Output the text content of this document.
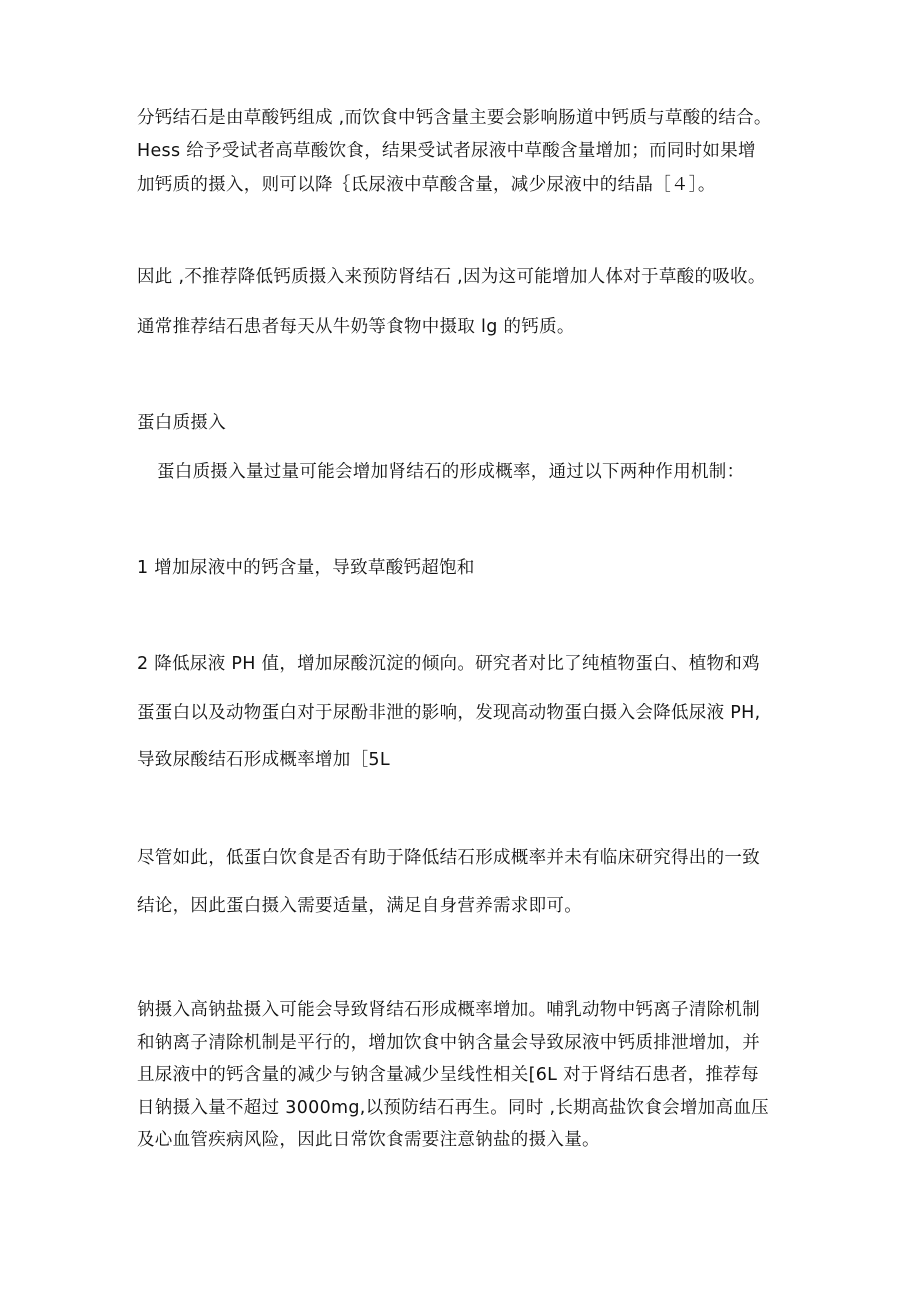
分钙结石是由草酸钙组成 ,而饮食中钙含量主要会影响肠道中钙质与草酸的结合。
Hess 给予受试者高草酸饮食，结果受试者尿液中草酸含量增加；而同时如果增
加钙质的摄入，则可以降｛氐尿液中草酸含量，减少尿液中的结晶［４］。
因此 ,不推荐降低钙质摄入来预防肾结石 ,因为这可能增加人体对于草酸的吸收。
通常推荐结石患者每天从牛奶等食物中摄取 lg 的钙质。
蛋白质摄入
蛋白质摄入量过量可能会增加肾结石的形成概率，通过以下两种作用机制：
1 增加尿液中的钙含量，导致草酸钙超饱和
2 降低尿液 PH 值，增加尿酸沉淀的倾向。研究者对比了纯植物蛋白、植物和鸡
蛋蛋白以及动物蛋白对于尿酚非泄的影响，发现高动物蛋白摄入会降低尿液 PH,
导致尿酸结石形成概率增加［5L
尽管如此，低蛋白饮食是否有助于降低结石形成概率并未有临床研究得出的一致
结论，因此蛋白摄入需要适量，满足自身营养需求即可。
钠摄入高钠盐摄入可能会导致肾结石形成概率增加。哺乳动物中钙离子清除机制
和钠离子清除机制是平行的，增加饮食中钠含量会导致尿液中钙质排泄增加，并
且尿液中的钙含量的减少与钠含量减少呈线性相关[6L 对于肾结石患者，推荐每
日钠摄入量不超过 3000mg,以预防结石再生。同时 ,长期高盐饮食会增加高血压
及心血管疾病风险，因此日常饮食需要注意钠盐的摄入量。
